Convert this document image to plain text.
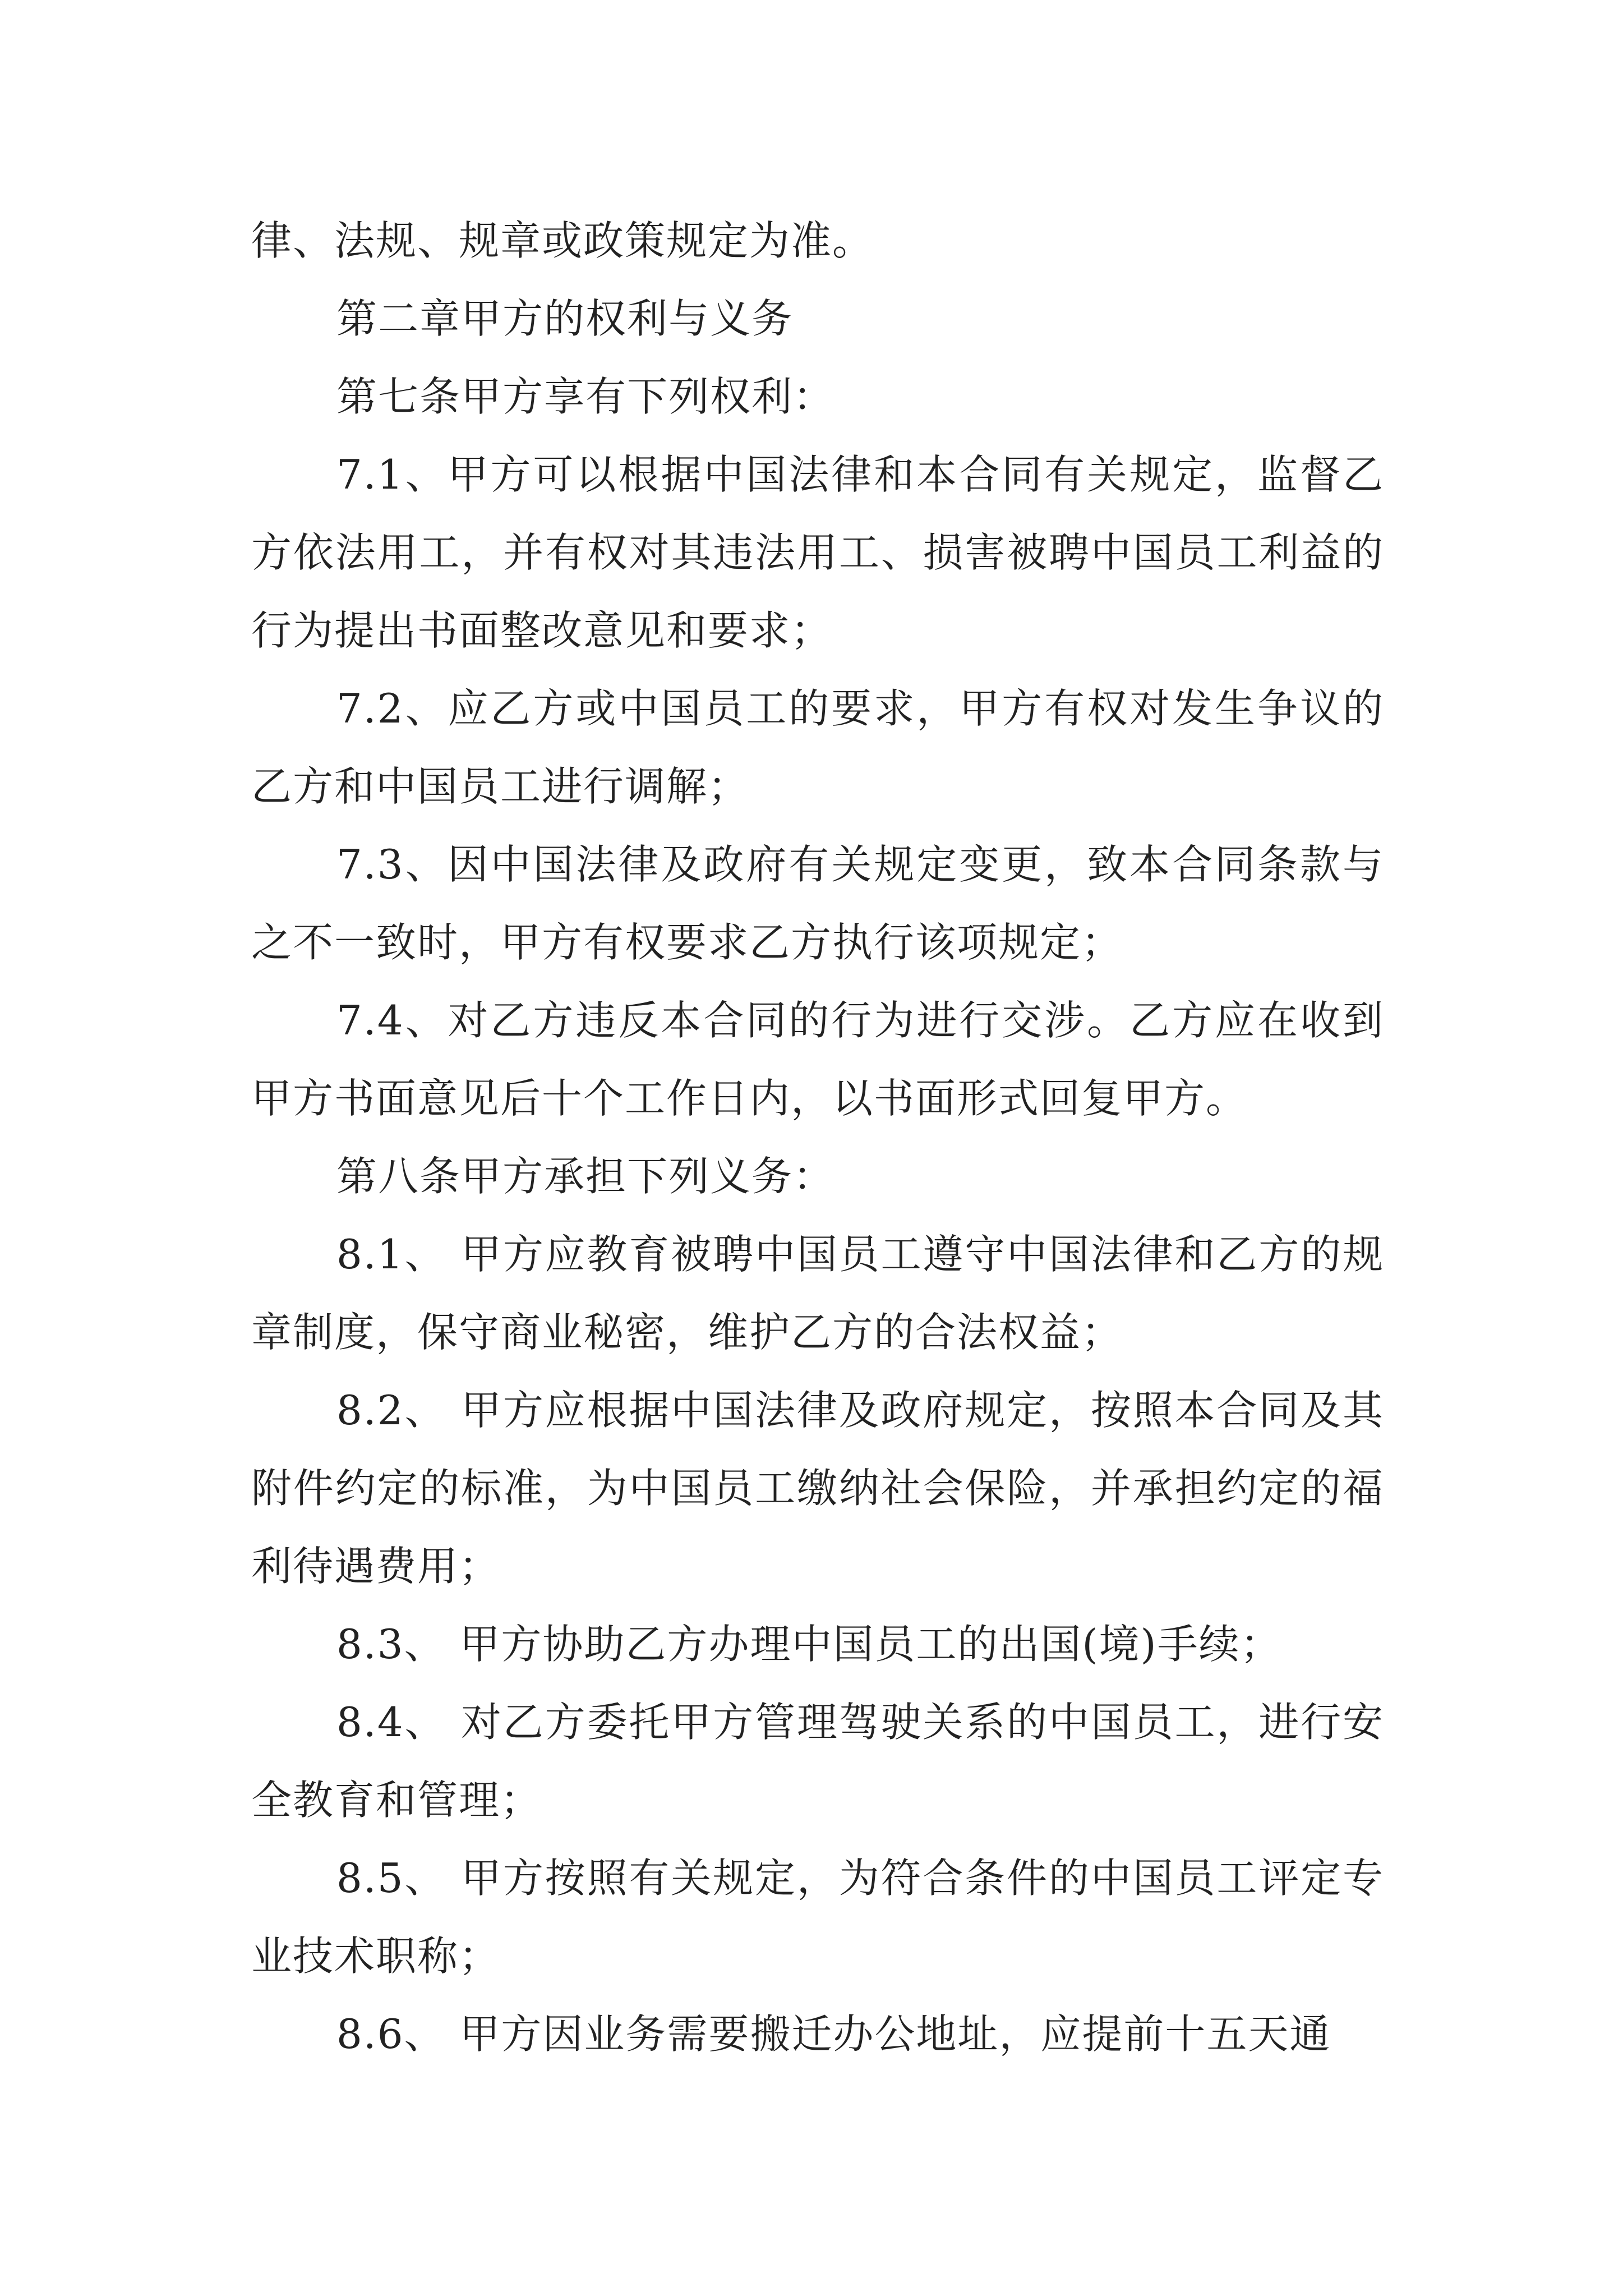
律、法规、规章或政策规定为准。

第二章甲方的权利与义务

第七条甲方享有下列权利：

7.1、甲方可以根据中国法律和本合同有关规定，监督乙方依法用工，并有权对其违法用工、损害被聘中国员工利益的行为提出书面整改意见和要求；

7.2、应乙方或中国员工的要求，甲方有权对发生争议的乙方和中国员工进行调解；

7.3、因中国法律及政府有关规定变更，致本合同条款与之不一致时，甲方有权要求乙方执行该项规定；

7.4、对乙方违反本合同的行为进行交涉。乙方应在收到甲方书面意见后十个工作日内，以书面形式回复甲方。

第八条甲方承担下列义务：

8.1、 甲方应教育被聘中国员工遵守中国法律和乙方的规章制度，保守商业秘密，维护乙方的合法权益；

8.2、 甲方应根据中国法律及政府规定，按照本合同及其附件约定的标准，为中国员工缴纳社会保险，并承担约定的福利待遇费用；

8.3、 甲方协助乙方办理中国员工的出国(境)手续；

8.4、 对乙方委托甲方管理驾驶关系的中国员工，进行安全教育和管理；

8.5、 甲方按照有关规定，为符合条件的中国员工评定专业技术职称；

8.6、 甲方因业务需要搬迁办公地址，应提前十五天通
